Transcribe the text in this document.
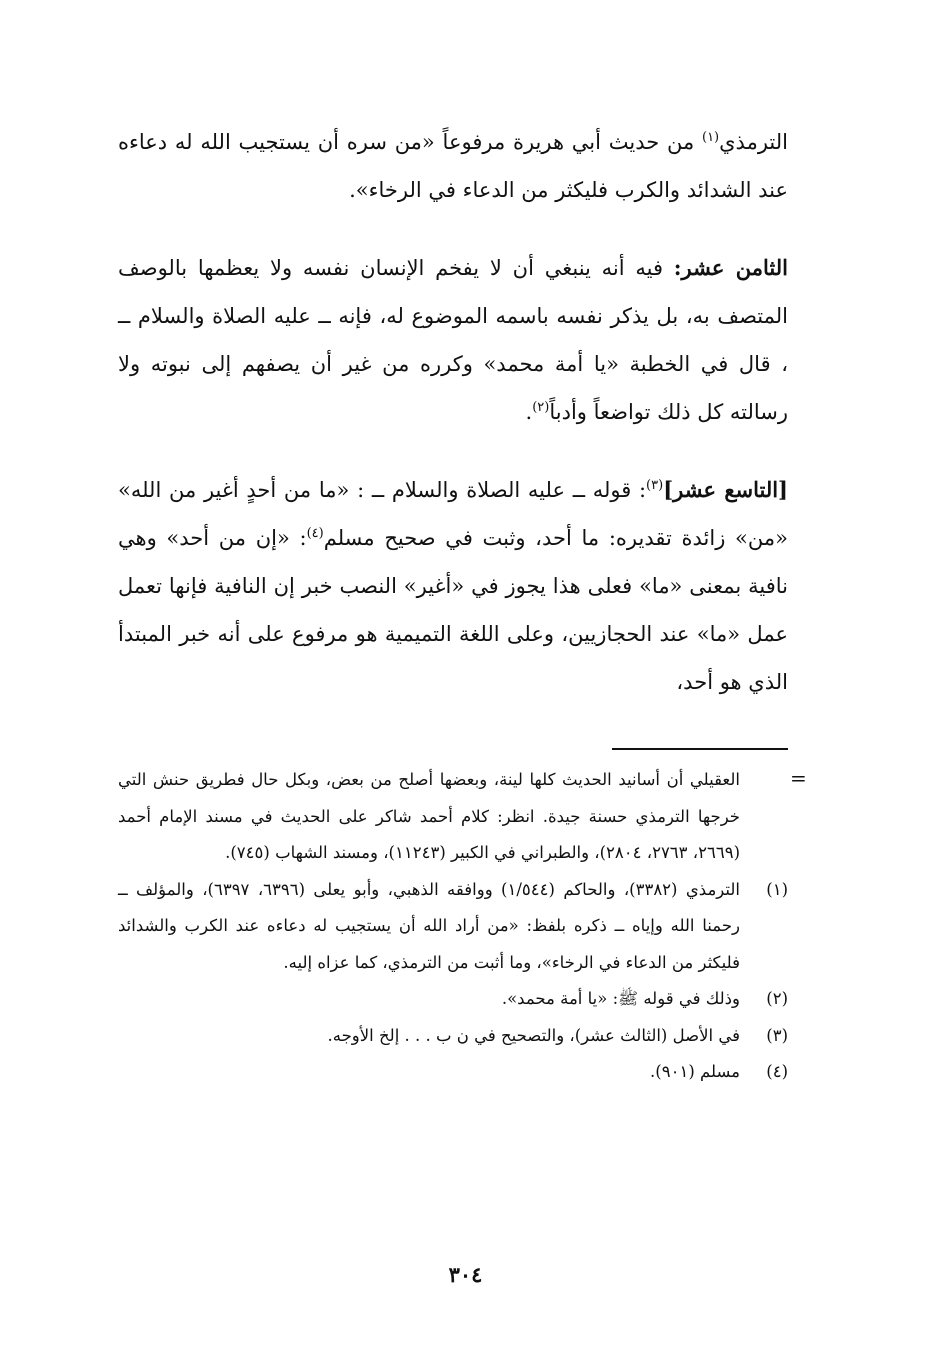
الترمذي$^{(١)}$ من حديث أبي هريرة مرفوعاً «من سره أن يستجيب الله له دعاءه عند الشدائد والكرب فليكثر من الدعاء في الرخاء».

الثامن عشر: فيه أنه ينبغي أن لا يفخم الإنسان نفسه ولا يعظمها بالوصف المتصف به، بل يذكر نفسه باسمه الموضوع له، فإنه ــ عليه الصلاة والسلام ــ ، قال في الخطبة «يا أمة محمد» وكرره من غير أن يصفهم إلى نبوته ولا رسالته كل ذلك تواضعاً وأدباً$^{(٢)}$.

[التاسع عشر]$^{(٣)}$: قوله ــ عليه الصلاة والسلام ــ : «ما من أحدٍ أغير من الله» «من» زائدة تقديره: ما أحد، وثبت في صحيح مسلم$^{(٤)}$: «إن من أحد» وهي نافية بمعنى «ما» فعلى هذا يجوز في «أغير» النصب خبر إن النافية فإنها تعمل عمل «ما» عند الحجازيين، وعلى اللغة التميمية هو مرفوع على أنه خبر المبتدأ الذي هو أحد،

=

العقيلي أن أسانيد الحديث كلها لينة، وبعضها أصلح من بعض، وبكل حال فطريق حنش التي خرجها الترمذي حسنة جيدة. انظر: كلام أحمد شاكر على الحديث في مسند الإمام أحمد (٢٦٦٩، ٢٧٦٣، ٢٨٠٤)، والطبراني في الكبير (١١٢٤٣)، ومسند الشهاب (٧٤٥).

(١)
الترمذي (٣٣٨٢)، والحاكم (١/٥٤٤) ووافقه الذهبي، وأبو يعلى (٦٣٩٦، ٦٣٩٧)، والمؤلف ــ رحمنا الله وإياه ــ ذكره بلفظ: «من أراد الله أن يستجيب له دعاءه عند الكرب والشدائد فليكثر من الدعاء في الرخاء»، وما أثبت من الترمذي، كما عزاه إليه.
(٢)
وذلك في قوله ﷺ: «يا أمة محمد».
(٣)
في الأصل (الثالث عشر)، والتصحيح في ن ب . . . إلخ الأوجه.
(٤)
مسلم (٩٠١).
٣٠٤
